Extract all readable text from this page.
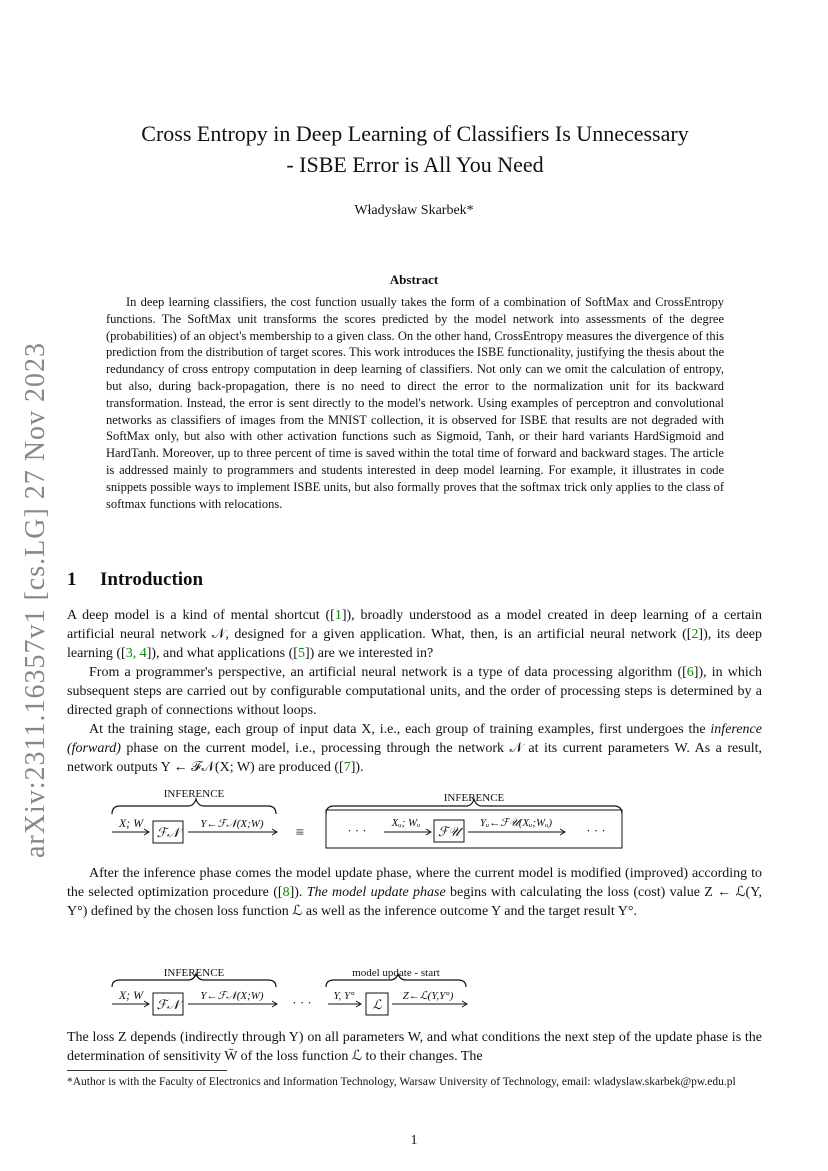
arXiv:2311.16357v1 [cs.LG] 27 Nov 2023
Cross Entropy in Deep Learning of Classifiers Is Unnecessary
- ISBE Error is All You Need
Władysław Skarbek*
Abstract
In deep learning classifiers, the cost function usually takes the form of a combination of SoftMax and CrossEntropy functions. The SoftMax unit transforms the scores predicted by the model network into assessments of the degree (probabilities) of an object's membership to a given class. On the other hand, CrossEntropy measures the divergence of this prediction from the distribution of target scores. This work introduces the ISBE functionality, justifying the thesis about the redundancy of cross entropy computation in deep learning of classifiers. Not only can we omit the calculation of entropy, but also, during back-propagation, there is no need to direct the error to the normalization unit for its backward transformation. Instead, the error is sent directly to the model's network. Using examples of perceptron and convolutional networks as classifiers of images from the MNIST collection, it is observed for ISBE that results are not degraded with SoftMax only, but also with other activation functions such as Sigmoid, Tanh, or their hard variants HardSigmoid and HardTanh. Moreover, up to three percent of time is saved within the total time of forward and backward stages. The article is addressed mainly to programmers and students interested in deep model learning. For example, it illustrates in code snippets possible ways to implement ISBE units, but also formally proves that the softmax trick only applies to the class of softmax functions with relocations.
1 Introduction

A deep model is a kind of mental shortcut ([1]), broadly understood as a model created in deep learning of a certain artificial neural network 𝒩, designed for a given application. What, then, is an artificial neural network ([2]), its deep learning ([3, 4]), and what applications ([5]) are we interested in?

From a programmer's perspective, an artificial neural network is a type of data processing algorithm ([6]), in which subsequent steps are carried out by configurable computational units, and the order of processing steps is determined by a directed graph of connections without loops.

At the training stage, each group of input data X, i.e., each group of training examples, first undergoes the inference (forward) phase on the current model, i.e., processing through the network 𝒩 at its current parameters W. As a result, network outputs Y ← ℱ𝒩(X; W) are produced ([7]).

INFERENCE
X; W
ℱ𝒩
Y←ℱ𝒩(X;W)
≡
INFERENCE
· · · Xᵤ; Wᵤ
ℱ𝒰
Yᵤ←ℱ𝒰(Xᵤ;Wᵤ)	· · ·

After the inference phase comes the model update phase, where the current model is modified (improved) according to the selected optimization procedure ([8]). The model update phase begins with calculating the loss (cost) value Z ← ℒ(Y, Y°) defined by the chosen loss function ℒ as well as the inference outcome Y and the target result Y°.

INFERENCE
X; W
ℱ𝒩
Y←ℱ𝒩(X;W) · · ·
model update - start
Y, Y°
ℒ
Z←ℒ(Y,Y°)

The loss Z depends (indirectly through Y) on all parameters W, and what conditions the next step of the update phase is the determination of sensitivity W̄ of the loss function ℒ to their changes. The

*Author is with the Faculty of Electronics and Information Technology, Warsaw University of Technology, email: wladyslaw.skarbek@pw.edu.pl
1
